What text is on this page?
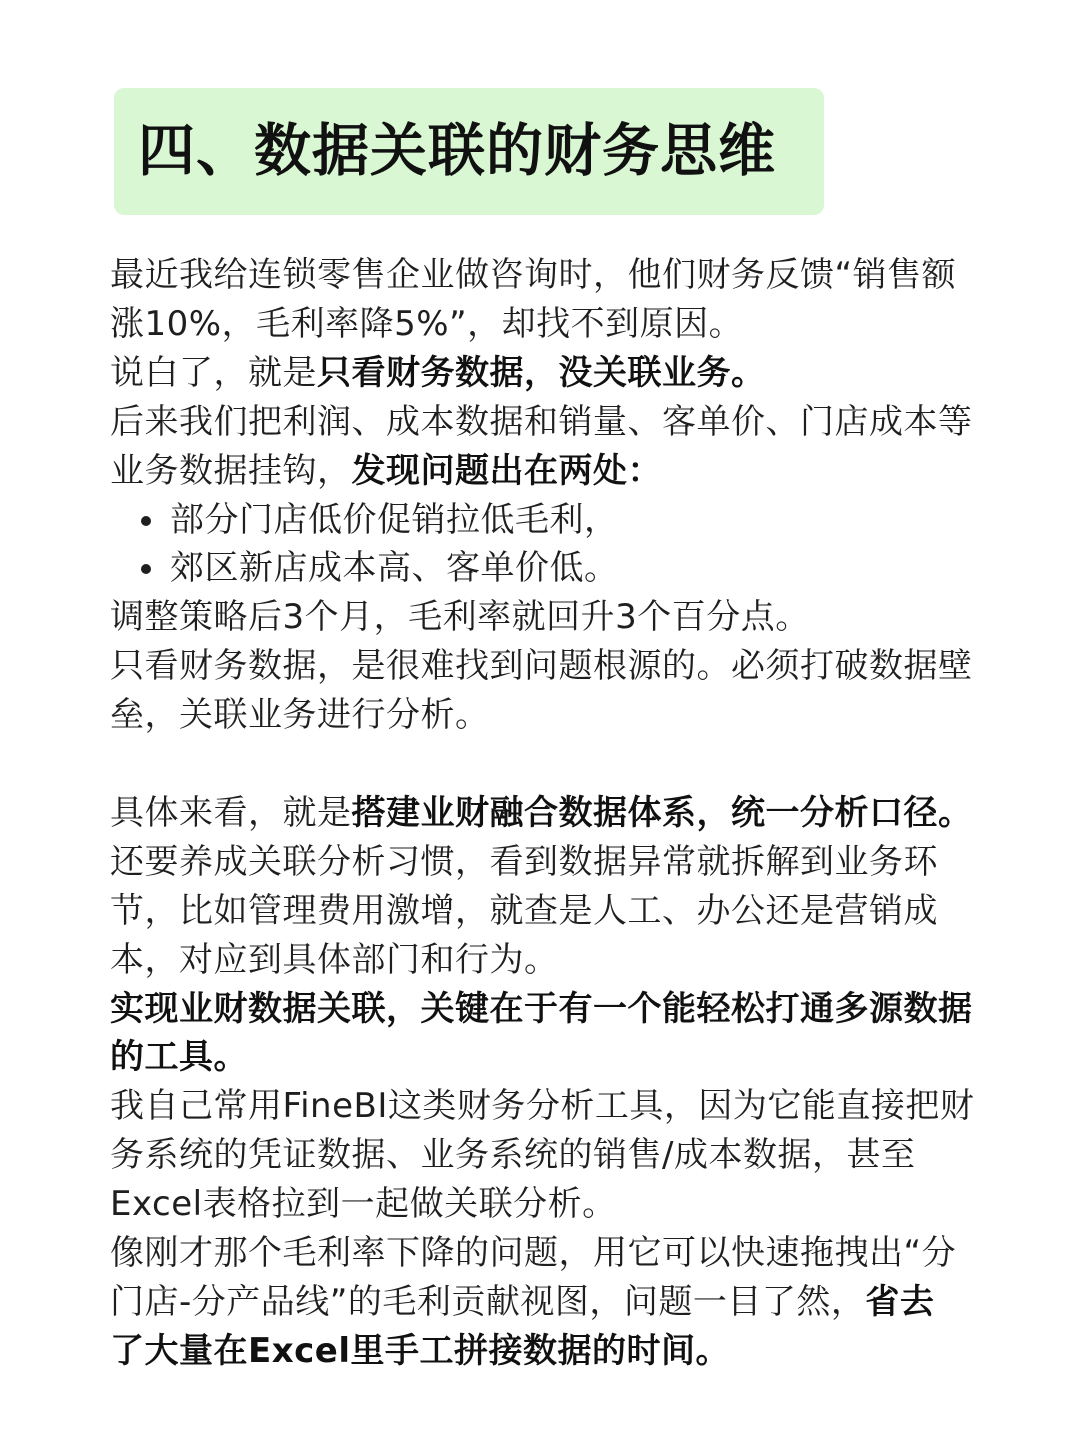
四、数据关联的财务思维

最近我给连锁零售企业做咨询时，他们财务反馈“销售额
涨10%，毛利率降5%”，却找不到原因。

说白了，就是只看财务数据，没关联业务。

后来我们把利润、成本数据和销量、客单价、门店成本等
业务数据挂钩，发现问题出在两处：

部分门店低价促销拉低毛利，
郊区新店成本高、客单价低。

调整策略后3个月，毛利率就回升3个百分点。

只看财务数据，是很难找到问题根源的。必须打破数据壁
垒，关联业务进行分析。

具体来看，就是搭建业财融合数据体系，统一分析口径。

还要养成关联分析习惯，看到数据异常就拆解到业务环
节，比如管理费用激增，就查是人工、办公还是营销成
本，对应到具体部门和行为。

实现业财数据关联，关键在于有一个能轻松打通多源数据
的工具。

我自己常用FineBI这类财务分析工具，因为它能直接把财
务系统的凭证数据、业务系统的销售/成本数据，甚至
Excel表格拉到一起做关联分析。

像刚才那个毛利率下降的问题，用它可以快速拖拽出“分
门店-分产品线”的毛利贡献视图，问题一目了然，省去
了大量在Excel里手工拼接数据的时间。
